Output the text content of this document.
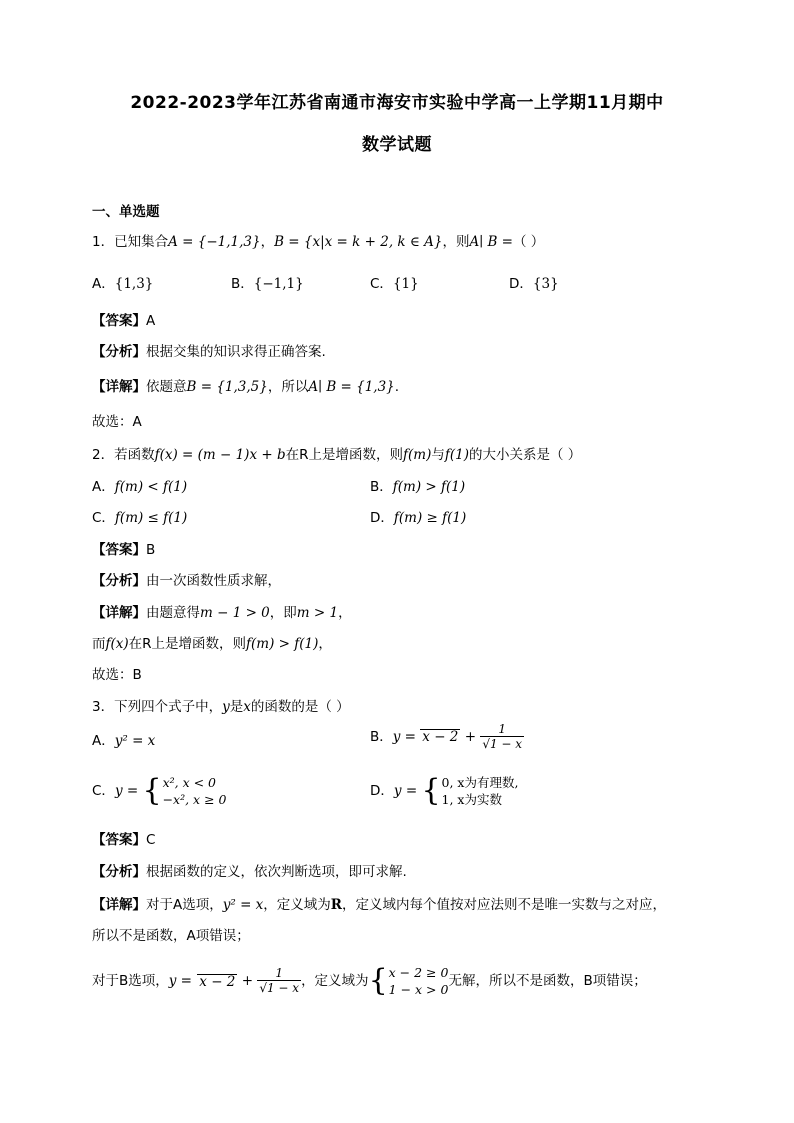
2022-2023学年江苏省南通市海安市实验中学高一上学期11月期中
数学试题
一、单选题
1．已知集合A = {−1,1,3}，B = {x|x = k + 2, k ∈ A}，则A∣ B =（ ）
A．{1,3}	B．{−1,1}	C．{1}	D．{3}
【答案】A
【分析】根据交集的知识求得正确答案.
【详解】依题意B = {1,3,5}，所以A∣ B = {1,3}.
故选：A
2．若函数f(x) = (m − 1)x + b在R上是增函数，则f(m)与f(1)的大小关系是（ ）
A．f(m) < f(1)	B．f(m) > f(1)
C．f(m) ≤ f(1)	D．f(m) ≥ f(1)
【答案】B
【分析】由一次函数性质求解，
【详解】由题意得m − 1 > 0，即m > 1，
而f(x)在R上是增函数，则f(m) > f(1)，
故选：B
3．下列四个式子中，y是x的函数的是（ ）
A．y² = x	B．$y = x - 2 + \frac{1}{√1 - x}$
C．y = { x², x < 0
−x², x ≥ 0
D．y = { 0, x为有理数,
1, x为实数
【答案】C
【分析】根据函数的定义，依次判断选项，即可求解.
【详解】对于A选项，y² = x，定义域为R，定义域内每个值按对应法则不是唯一实数与之对应，
所以不是函数，A项错误；
对于B选项，$y = x - 2 + \frac{1}{√1 - x}$ ，定义域为{ x − 2 ≥ 0
1 − x > 0
无解，所以不是函数，B项错误；
